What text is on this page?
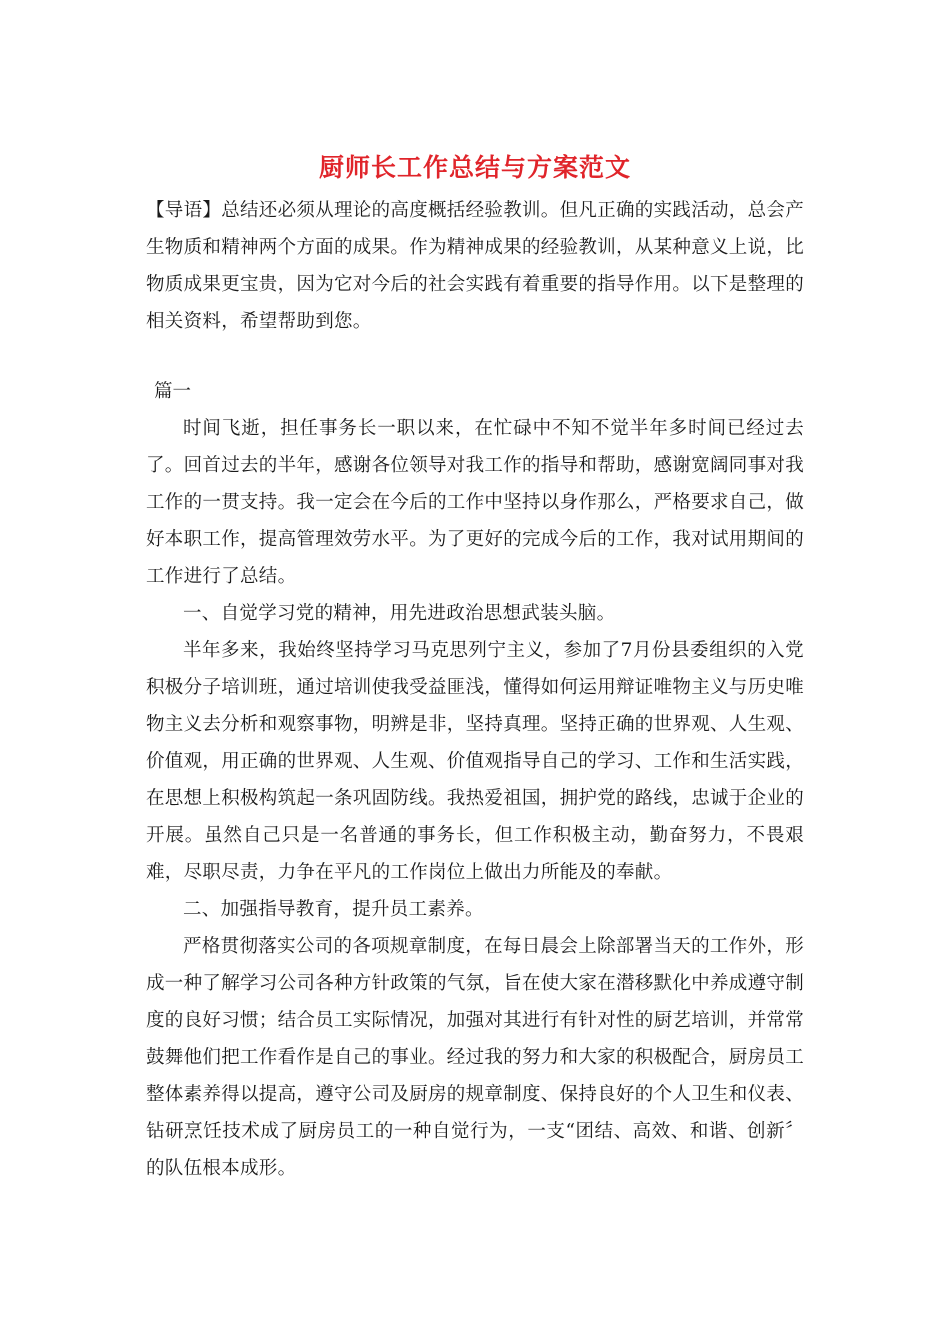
厨师长工作总结与方案范文

【导语】总结还必须从理论的高度概括经验教训。但凡正确的实践活动，总会产生物质和精神两个方面的成果。作为精神成果的经验教训，从某种意义上说，比物质成果更宝贵，因为它对今后的社会实践有着重要的指导作用。以下是整理的相关资料，希望帮助到您。

篇一

时间飞逝，担任事务长一职以来，在忙碌中不知不觉半年多时间已经过去了。回首过去的半年，感谢各位领导对我工作的指导和帮助，感谢宽阔同事对我工作的一贯支持。我一定会在今后的工作中坚持以身作那么，严格要求自己，做好本职工作，提高管理效劳水平。为了更好的完成今后的工作，我对试用期间的工作进行了总结。

一、自觉学习党的精神，用先进政治思想武装头脑。

半年多来，我始终坚持学习马克思列宁主义，参加了7月份县委组织的入党积极分子培训班，通过培训使我受益匪浅，懂得如何运用辩证唯物主义与历史唯物主义去分析和观察事物，明辨是非，坚持真理。坚持正确的世界观、人生观、价值观，用正确的世界观、人生观、价值观指导自己的学习、工作和生活实践，在思想上积极构筑起一条巩固防线。我热爱祖国，拥护党的路线，忠诚于企业的开展。虽然自己只是一名普通的事务长，但工作积极主动，勤奋努力，不畏艰难，尽职尽责，力争在平凡的工作岗位上做出力所能及的奉献。

二、加强指导教育，提升员工素养。

严格贯彻落实公司的各项规章制度，在每日晨会上除部署当天的工作外，形成一种了解学习公司各种方针政策的气氛，旨在使大家在潜移默化中养成遵守制度的良好习惯；结合员工实际情况，加强对其进行有针对性的厨艺培训，并常常鼓舞他们把工作看作是自己的事业。经过我的努力和大家的积极配合，厨房员工整体素养得以提高，遵守公司及厨房的规章制度、保持良好的个人卫生和仪表、钻研烹饪技术成了厨房员工的一种自觉行为，一支“团结、高效、和谐、创新〞的队伍根本成形。
